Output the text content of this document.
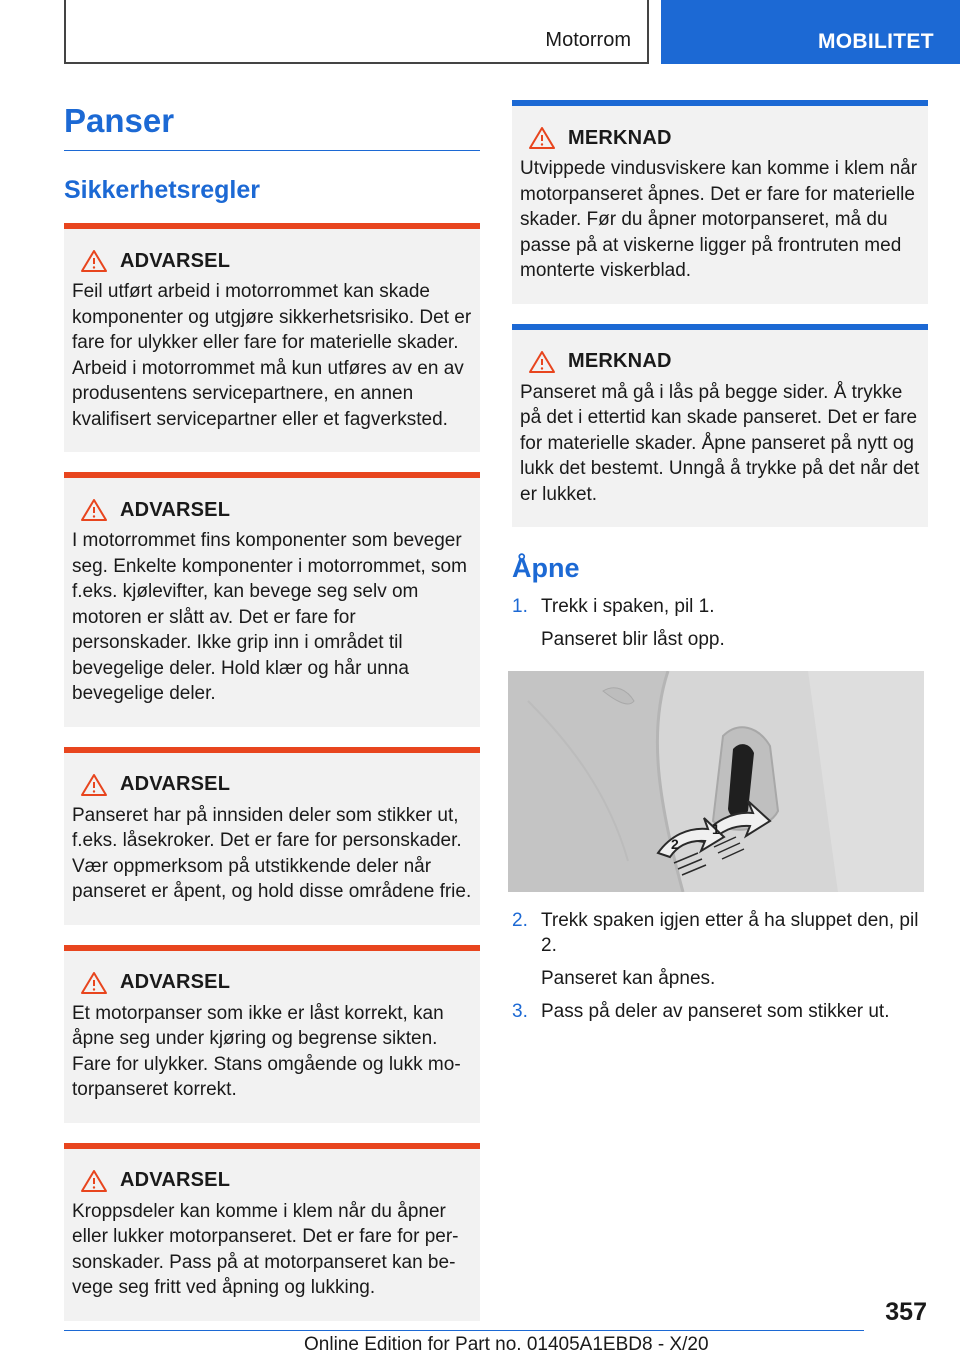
Motorrom	MOBILITET
Panser
Sikkerhetsregler
ADVARSEL

Feil utført arbeid i motorrommet kan skade komponenter og utgjøre sikkerhetsrisiko. Det er fare for ulykker eller fare for materielle skader. Arbeid i motorrommet må kun utføres av en av produsentens servicepartnere, en annen kvalifisert servicepartner eller et fagverksted.

ADVARSEL

I motorrommet fins komponenter som beveger seg. Enkelte komponenter i motorrommet, som f.eks. kjølevifter, kan bevege seg selv om motoren er slått av. Det er fare for personskader. Ikke grip inn i området til bevegelige deler. Hold klær og hår unna bevegelige deler.

ADVARSEL

Panseret har på innsiden deler som stikker ut, f.eks. låsekroker. Det er fare for personskader. Vær oppmerksom på utstikkende deler når panseret er åpent, og hold disse områdene frie.

ADVARSEL

Et motorpanser som ikke er låst korrekt, kan åpne seg under kjøring og begrense sikten. Fare for ulykker. Stans omgående og lukk motorpanseret korrekt.

ADVARSEL

Kroppsdeler kan komme i klem når du åpner eller lukker motorpanseret. Det er fare for personskader. Pass på at motorpanseret kan bevege seg fritt ved åpning og lukking.

MERKNAD

Utvippede vindusviskere kan komme i klem når motorpanseret åpnes. Det er fare for materielle skader. Før du åpner motorpanseret, må du passe på at viskerne ligger på frontruten med monterte viskerblad.

MERKNAD

Panseret må gå i lås på begge sider. Å trykke på det i ettertid kan skade panseret. Det er fare for materielle skader. Åpne panseret på nytt og lukk det bestemt. Unngå å trykke på det når det er lukket.

Åpne
1. Trekk i spaken, pil 1.
Panseret blir låst opp.
1
2
2. Trekk spaken igjen etter å ha sluppet den, pil 2.
Panseret kan åpnes.
3. Pass på deler av panseret som stikker ut.
357
Online Edition for Part no. 01405A1EBD8 - X/20
